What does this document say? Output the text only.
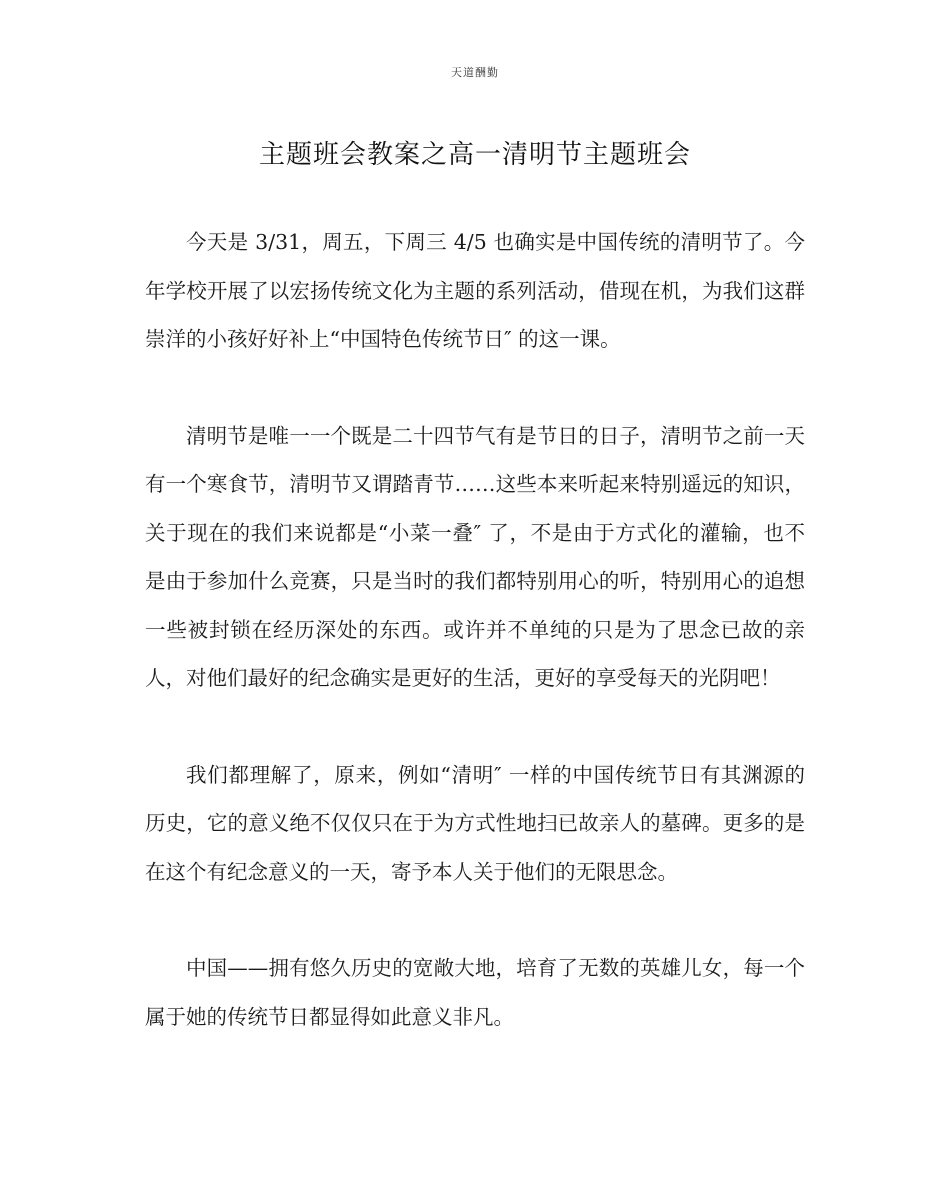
天道酬勤
主题班会教案之高一清明节主题班会

今天是 3/31，周五，下周三 4/5 也确实是中国传统的清明节了。今年学校开展了以宏扬传统文化为主题的系列活动，借现在机，为我们这群崇洋的小孩好好补上“中国特色传统节日″ 的这一课。

清明节是唯一一个既是二十四节气有是节日的日子，清明节之前一天有一个寒食节，清明节又谓踏青节……这些本来听起来特别遥远的知识，关于现在的我们来说都是“小菜一叠″ 了，不是由于方式化的灌输，也不是由于参加什么竞赛，只是当时的我们都特别用心的听，特别用心的追想一些被封锁在经历深处的东西。或许并不单纯的只是为了思念已故的亲人，对他们最好的纪念确实是更好的生活，更好的享受每天的光阴吧！

我们都理解了，原来，例如“清明″ 一样的中国传统节日有其渊源的历史，它的意义绝不仅仅只在于为方式性地扫已故亲人的墓碑。更多的是在这个有纪念意义的一天，寄予本人关于他们的无限思念。

中国——拥有悠久历史的宽敞大地，培育了无数的英雄儿女，每一个属于她的传统节日都显得如此意义非凡。
